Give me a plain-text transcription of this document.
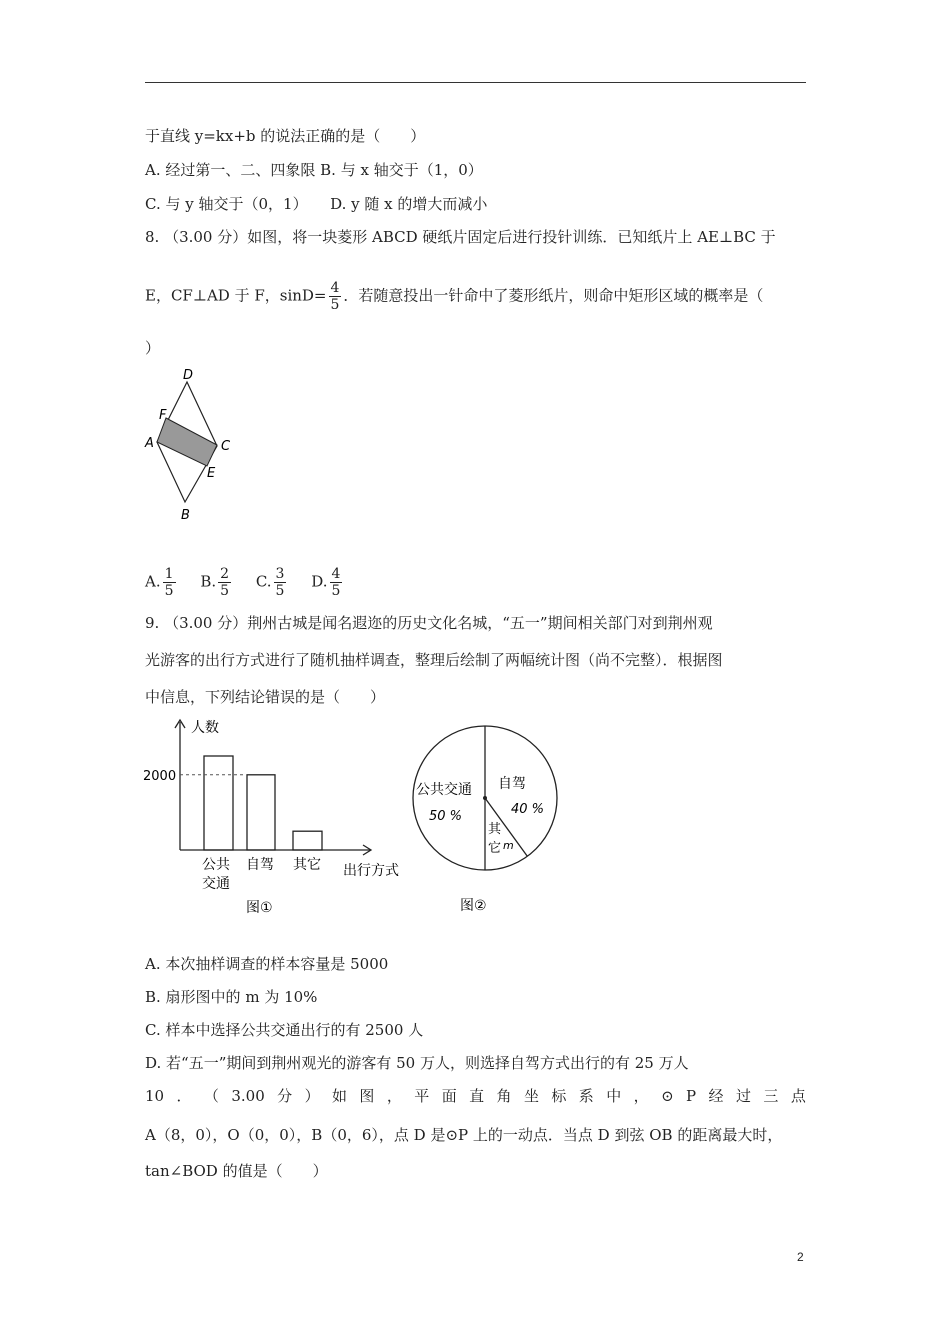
于直线 y=kx+b 的说法正确的是（　　）
A. 经过第一、二、四象限 B. 与 x 轴交于（1，0）
C. 与 y 轴交于（0，1）　　D. y 随 x 的增大而减小
8. （3.00 分）如图，将一块菱形 ABCD 硬纸片固定后进行投针训练．已知纸片上 AE⊥BC 于
E，CF⊥AD 于 F，$\sin D= \frac{4}{5}$ ．若随意投出一针命中了菱形纸片，则命中矩形区域的概率是（
）
D
F
A	C
E
B
A. $\frac{1}{5} B$. $\frac{2}{5} C$. $\frac{3}{5} D$. $\frac{4}{5}$
9. （3.00 分）荆州古城是闻名遐迩的历史文化名城，“五一”期间相关部门对到荆州观
光游客的出行方式进行了随机抽样调查，整理后绘制了两幅统计图（尚不完整）．根据图
中信息，下列结论错误的是（　　）
2000
人数
出行方式
公共
交通
自驾 其它
图①
公共交通
50 %
自驾
40 %
其
它 m
图②
A. 本次抽样调查的样本容量是 5000
B. 扇形图中的 m 为 10%
C. 样本中选择公共交通出行的有 2500 人
D. 若“五一”期间到荆州观光的游客有 50 万人，则选择自驾方式出行的有 25 万人
10 ． （ 3.00 分 ） 如 图 ， 平 面 直 角 坐 标 系 中 ， ⊙ P 经 过 三 点
A（8，0），O（0，0），B（0，6），点 D 是⊙P 上的一动点．当点 D 到弦 OB 的距离最大时，
tan∠BOD 的值是（　　）
2
